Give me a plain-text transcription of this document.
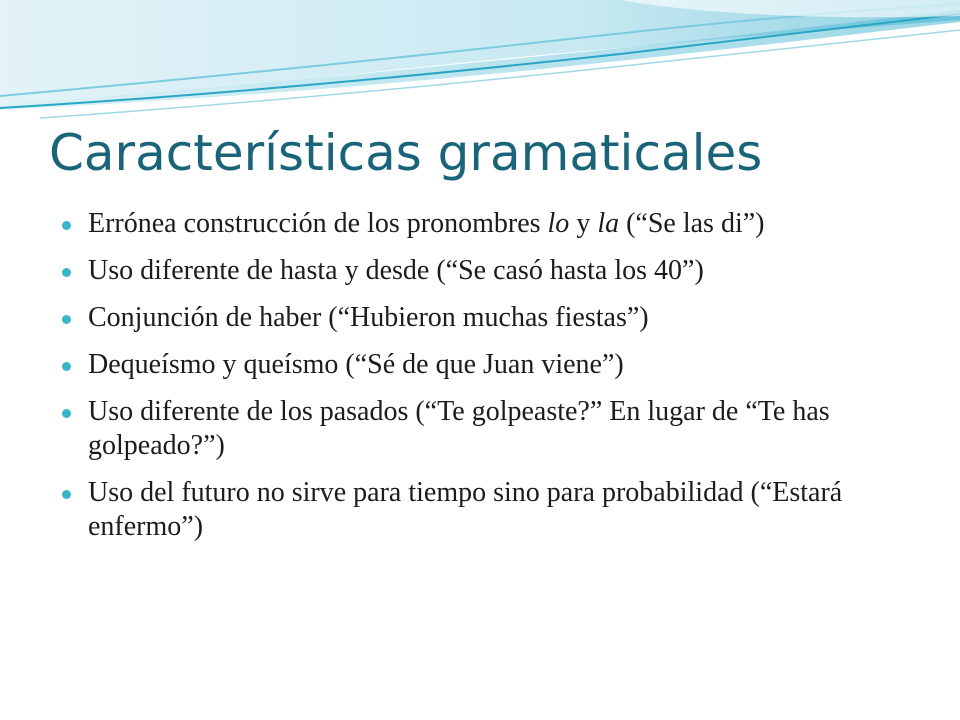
Características gramaticales
Errónea construcción de los pronombres lo y la (“Se las di”)
Uso diferente de hasta y desde (“Se casó hasta los 40”)
Conjunción de haber (“Hubieron muchas fiestas”)
Dequeísmo y queísmo (“Sé de que Juan viene”)
Uso diferente de los pasados (“Te golpeaste?” En lugar de “Te has golpeado?”)
Uso del futuro no sirve para tiempo sino para probabilidad (“Estará enfermo”)
